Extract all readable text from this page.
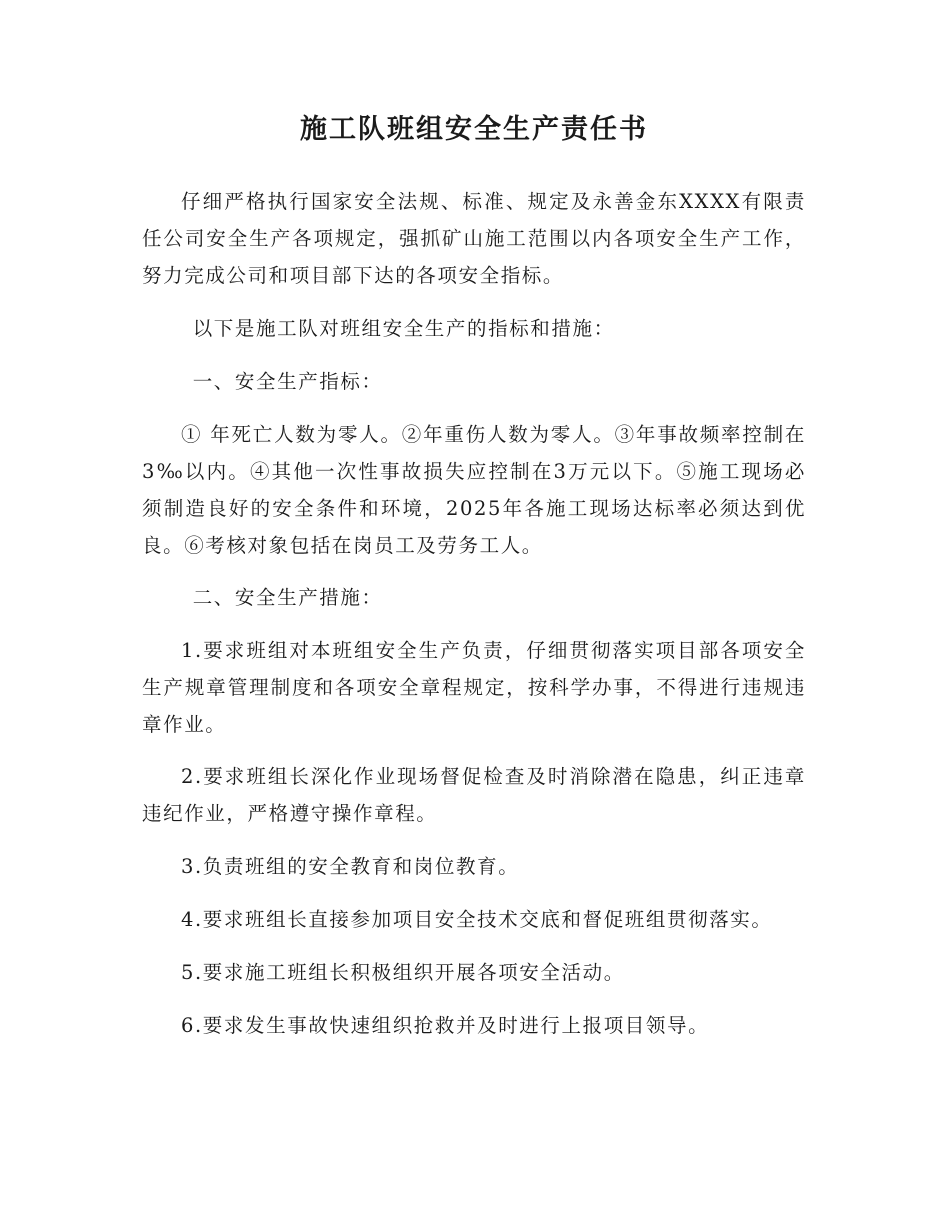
施工队班组安全生产责任书

仔细严格执行国家安全法规、标准、规定及永善金东XXXX有限责任公司安全生产各项规定，强抓矿山施工范围以内各项安全生产工作，努力完成公司和项目部下达的各项安全指标。

以下是施工队对班组安全生产的指标和措施：

一、安全生产指标：

① 年死亡人数为零人。②年重伤人数为零人。③年事故频率控制在3‰以内。④其他一次性事故损失应控制在3万元以下。⑤施工现场必须制造良好的安全条件和环境，2025年各施工现场达标率必须达到优良。⑥考核对象包括在岗员工及劳务工人。

二、安全生产措施：

1.要求班组对本班组安全生产负责，仔细贯彻落实项目部各项安全生产规章管理制度和各项安全章程规定，按科学办事，不得进行违规违章作业。

2.要求班组长深化作业现场督促检查及时消除潜在隐患，纠正违章违纪作业，严格遵守操作章程。

3.负责班组的安全教育和岗位教育。

4.要求班组长直接参加项目安全技术交底和督促班组贯彻落实。

5.要求施工班组长积极组织开展各项安全活动。

6.要求发生事故快速组织抢救并及时进行上报项目领导。
